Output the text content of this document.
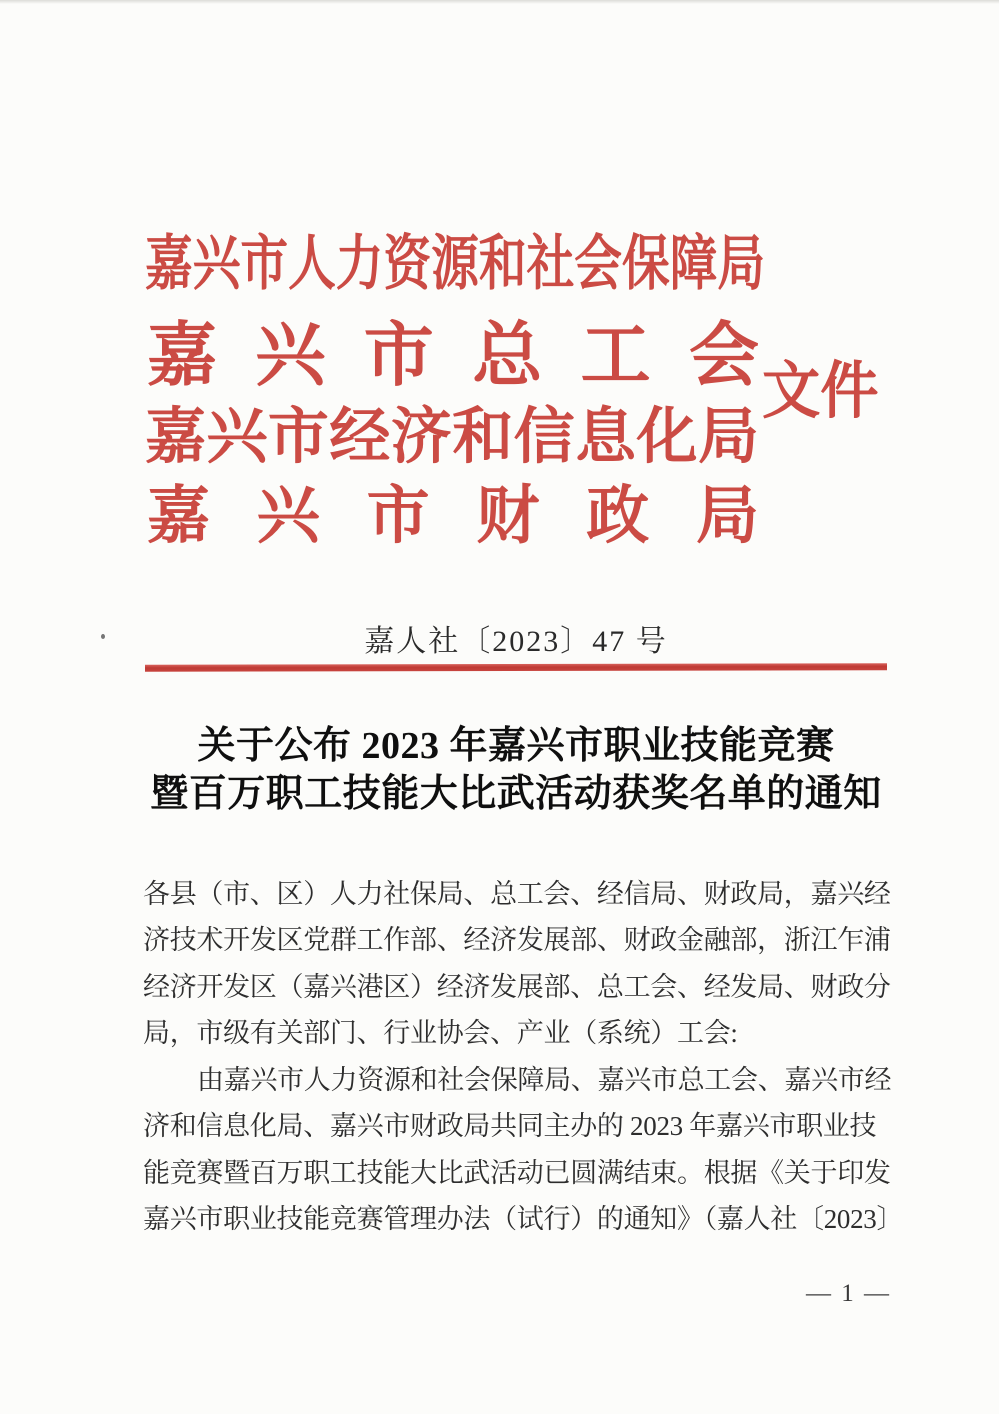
嘉兴市人力资源和社会保障局
嘉兴市总工会
嘉兴市经济和信息化局
嘉兴市财政局
文件
嘉人社〔2023〕47 号
关于公布 2023 年嘉兴市职业技能竞赛
暨百万职工技能大比武活动获奖名单的通知
各县（市、区）人力社保局、总工会、经信局、财政局，嘉兴经
济技术开发区党群工作部、经济发展部、财政金融部，浙江乍浦
经济开发区（嘉兴港区）经济发展部、总工会、经发局、财政分
局，市级有关部门、行业协会、产业（系统）工会:
由嘉兴市人力资源和社会保障局、嘉兴市总工会、嘉兴市经
济和信息化局、嘉兴市财政局共同主办的 2023 年嘉兴市职业技
能竞赛暨百万职工技能大比武活动已圆满结束。根据《关于印发
嘉兴市职业技能竞赛管理办法（试行）的通知》（嘉人社〔2023〕
— 1 —
